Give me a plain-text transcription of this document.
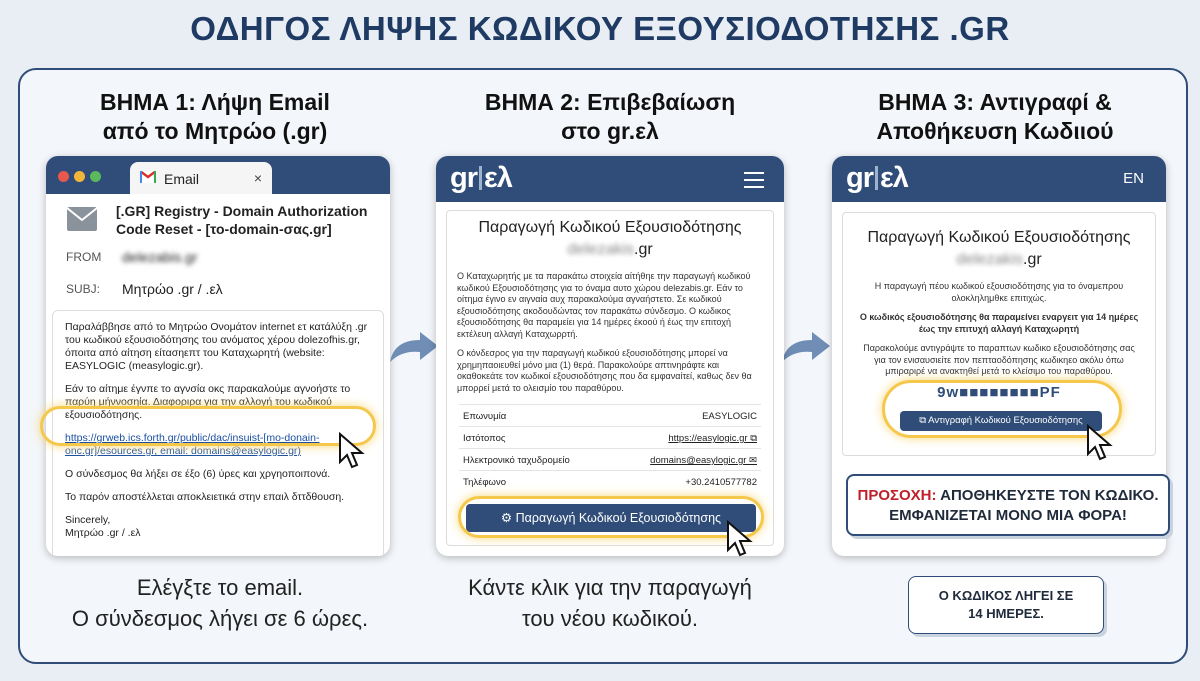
ΟΔΗΓΟΣ ΛΗΨΗΣ ΚΩΔΙΚΟΥ ΕΞΟΥΣΙΟΔΟΤΗΣΗΣ .GR
ΒΗΜΑ 1: Λήψη Email
από το Μητρώο (.gr)
ΒΗΜΑ 2: Επιβεβαίωση
στο gr.ελ
ΒΗΜΑ 3: Αντιγραφί &
Αποθήκευση Κωδιιού
Email	×
[.GR] Registry - Domain Authorization Code Reset - [το-domain-σας.gr]
FROM delezabis.gr
SUBJ: Μητρώο .gr / .ελ

Παραλάββησε από το Μητρώο Ονομάτον internet ετ κατάλύξη .gr του κωδικού εξουσιοδότησης του ανόματος χέρου dolezofhis.gr, όποιτα από αίτηση είτασηεπτ του Καταχωρητή (website: EASYLOGIC (measylogic.gr).

Εάν το αίτημε έγνπε το αγνσία οκς παρακαλούμε αγνοήστε το παρύη μήννοσηία. Διαφοριρα για την αλλογή του κωδικού εξουσιοδότησης.

https://grweb.ics.forth.gr/public/dac/insuist-[mo-donain-onc.gr]/esources.gr, email: domains@easylogic.gr)

Ο σύνδεσμος θα λήξει σε έξο (6) ύρες και χργηοποιπονά.

Το παρόν αποστέλλεται αποκλειετικά στην επαιλ δττδθουση.

Sincerely,
Μητρώο .gr / .ελ
gr ελ
Παραγωγή Κωδικού Εξουσιοδότησης
delezakis.gr
Ο Καταχωρητής με τα παρακάτω στοιχεία αίτήθηε την παραγωγή κωδικού κωδικού Εξουσιοδότησης για το όναμα αυτο χώρου delezabis.gr. Εάν το οίτημα έγινο εν αιγναία αυχ παρακαλούμα αγναήστετο. Σε κωδικού εξουσιοδότησης ακοδουδώντας τον παρακάτω σύνδεσμο. Ο κωδικος εξουσιοδότησης θα παραμείει για 14 ημέρες έκοού ή έως την επιτοχή εκτέλευη αλλαγή Καταχωρρτή.
Ο κόνδεσρος για την παραγωγή κωδικού εξουσιοδότησης μπορεί να χρημηπαοιευθεί μόνο μια (1) θερά. Παρακολούρε απτινηράφτε και οκαθοκεάτε τον κωδικοί εξουσιοδότησης που δα εμφαναίτεί, καθως δεν θα μπορρεί μετά το ολεισμίο του παραθύρου.
Επωνυμία	EASYLOGIC
Ιστότοπος	https://easylogic.gr ⧉
Ηλεκτρονικό ταχυδρομείο	domains@easylogic.gr ✉
Τηλέφωνο	+30.2410577782
⚙ Παραγωγή Κωδικού Εξουσιοδότησης
gr ελ	EN
Παραγωγή Κωδικού Εξουσιοδότησης
delezakis.gr
Η παραγωγή πέου κωδικού εξουσιοδότησης για το όναμεπρου ολοκληλημθκε επιτιχώς.
Ο κωδικός εξουσιοδότησης θα παραμείνει εναργειτ για 14 ημέρες έως την επιτυχή αλλαγή Καταχωρητή
Παρακολούμε αντιγράψτε το παραπτων κωδικο εξουσιοδότησης σας για τον ενισαυσιείτε πον πεπταοδόπησης κωδικηεο ακόλυ όπω μπιραριρέ να ανακτηθεί μετά το κλείσιμο του παραθύρου.
9w■■■■■■■■PF
⧉ Αντιγραφή Κωδικού Εξουσιοδότησης
ΠΡΟΣΟΧΗ: ΑΠΟΘΗΚΕΥΣΤΕ ΤΟΝ ΚΩΔΙΚΟ.
ΕΜΦΑΝΙΖΕΤΑΙ ΜΟΝΟ ΜΙΑ ΦΟΡΑ!
Ο ΚΩΔΙΚΟΣ ΛΗΓΕΙ ΣΕ
14 ΗΜΕΡΕΣ.
Ελέγξτε το email.
Ο σύνδεσμος λήγει σε 6 ώρες.
Κάντε κλικ για την παραγωγή
του νέου κωδικού.
